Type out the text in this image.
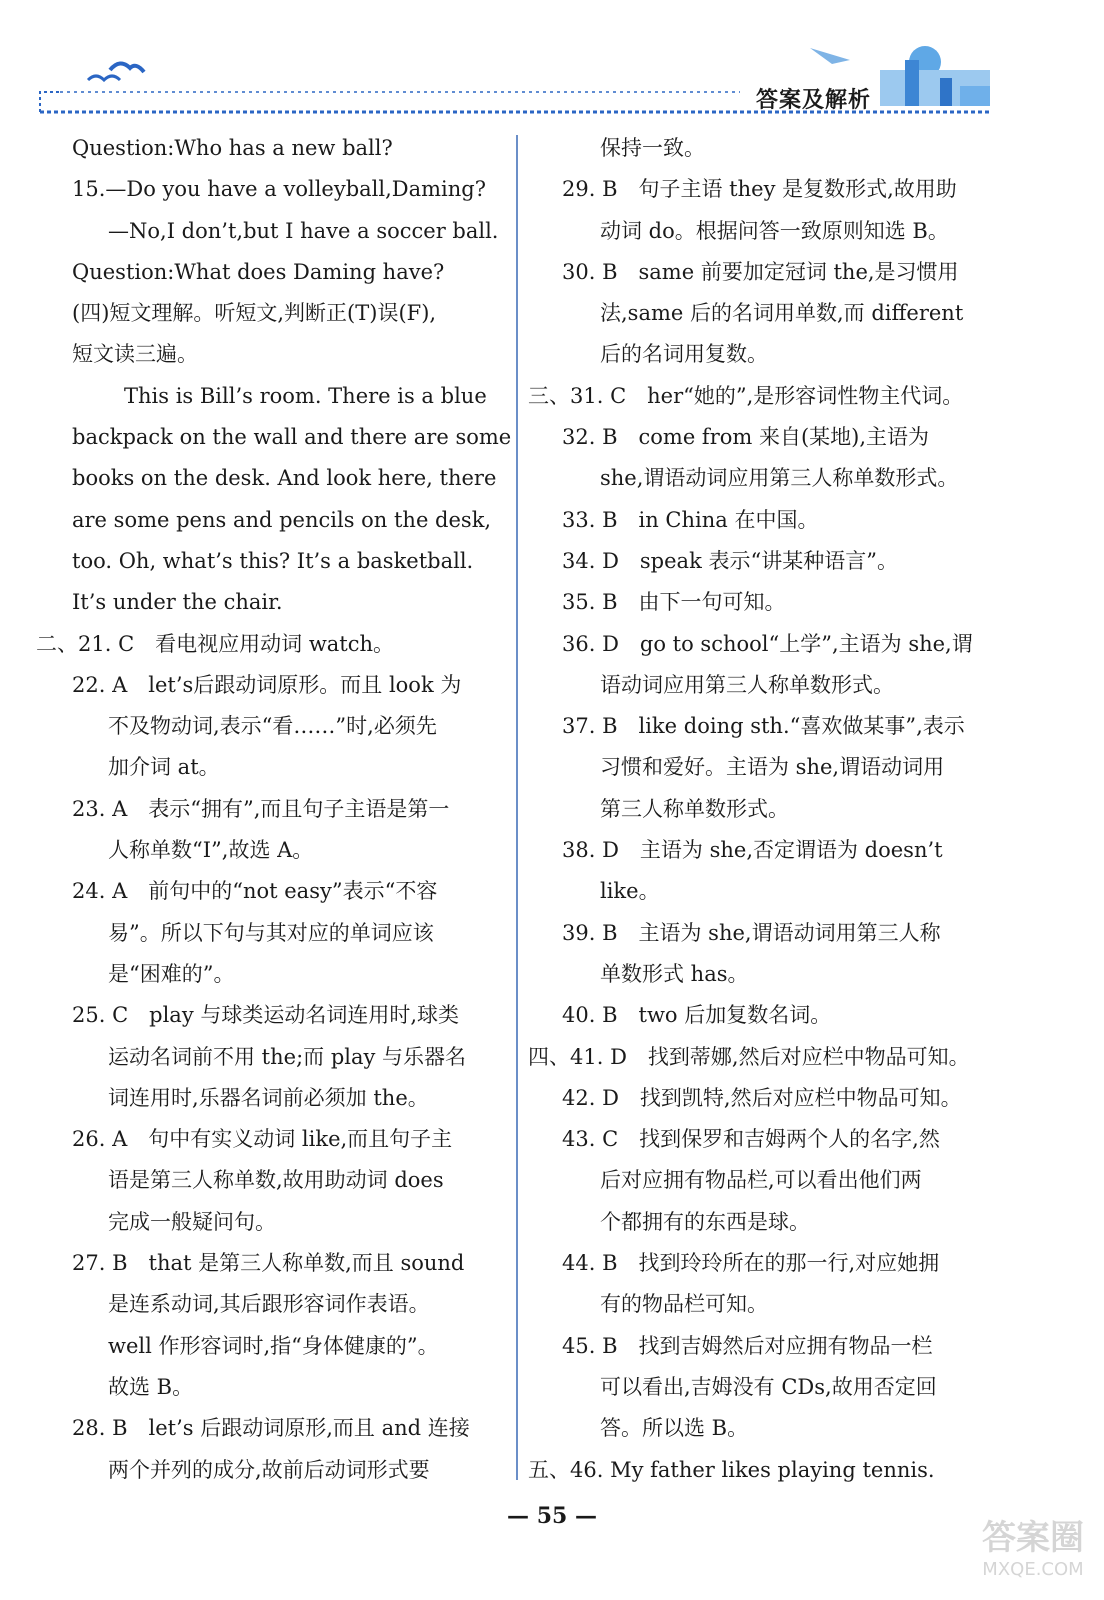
答案及解析
Question:Who has a new ball?
15.—Do you have a volleyball,Daming?
—No,I don’t,but I have a soccer ball.
Question:What does Daming have?
(四)短文理解。听短文,判断正(T)误(F),
短文读三遍。
This is Bill’s room. There is a blue
backpack on the wall and there are some
books on the desk. And look here, there
are some pens and pencils on the desk,
too. Oh, what’s this? It’s a basketball.
It’s under the chair.
二、21. C　看电视应用动词 watch。
22. A　let’s后跟动词原形。而且 look 为
不及物动词,表示“看……”时,必须先
加介词 at。
23. A　表示“拥有”,而且句子主语是第一
人称单数“I”,故选 A。
24. A　前句中的“not easy”表示“不容
易”。所以下句与其对应的单词应该
是“困难的”。
25. C　play 与球类运动名词连用时,球类
运动名词前不用 the;而 play 与乐器名
词连用时,乐器名词前必须加 the。
26. A　句中有实义动词 like,而且句子主
语是第三人称单数,故用助动词 does
完成一般疑问句。
27. B　that 是第三人称单数,而且 sound
是连系动词,其后跟形容词作表语。
well 作形容词时,指“身体健康的”。
故选 B。
28. B　let’s 后跟动词原形,而且 and 连接
两个并列的成分,故前后动词形式要
保持一致。
29. B　句子主语 they 是复数形式,故用助
动词 do。根据问答一致原则知选 B。
30. B　same 前要加定冠词 the,是习惯用
法,same 后的名词用单数,而 different
后的名词用复数。
三、31. C　her“她的”,是形容词性物主代词。
32. B　come from 来自(某地),主语为
she,谓语动词应用第三人称单数形式。
33. B　in China 在中国。
34. D　speak 表示“讲某种语言”。
35. B　由下一句可知。
36. D　go to school“上学”,主语为 she,谓
语动词应用第三人称单数形式。
37. B　like doing sth.“喜欢做某事”,表示
习惯和爱好。主语为 she,谓语动词用
第三人称单数形式。
38. D　主语为 she,否定谓语为 doesn’t
like。
39. B　主语为 she,谓语动词用第三人称
单数形式 has。
40. B　two 后加复数名词。
四、41. D　找到蒂娜,然后对应栏中物品可知。
42. D　找到凯特,然后对应栏中物品可知。
43. C　找到保罗和吉姆两个人的名字,然
后对应拥有物品栏,可以看出他们两
个都拥有的东西是球。
44. B　找到玲玲所在的那一行,对应她拥
有的物品栏可知。
45. B　找到吉姆然后对应拥有物品一栏
可以看出,吉姆没有 CDs,故用否定回
答。所以选 B。
五、46. My father likes playing tennis.
— 55 —
答案圈
MXQE.COM
